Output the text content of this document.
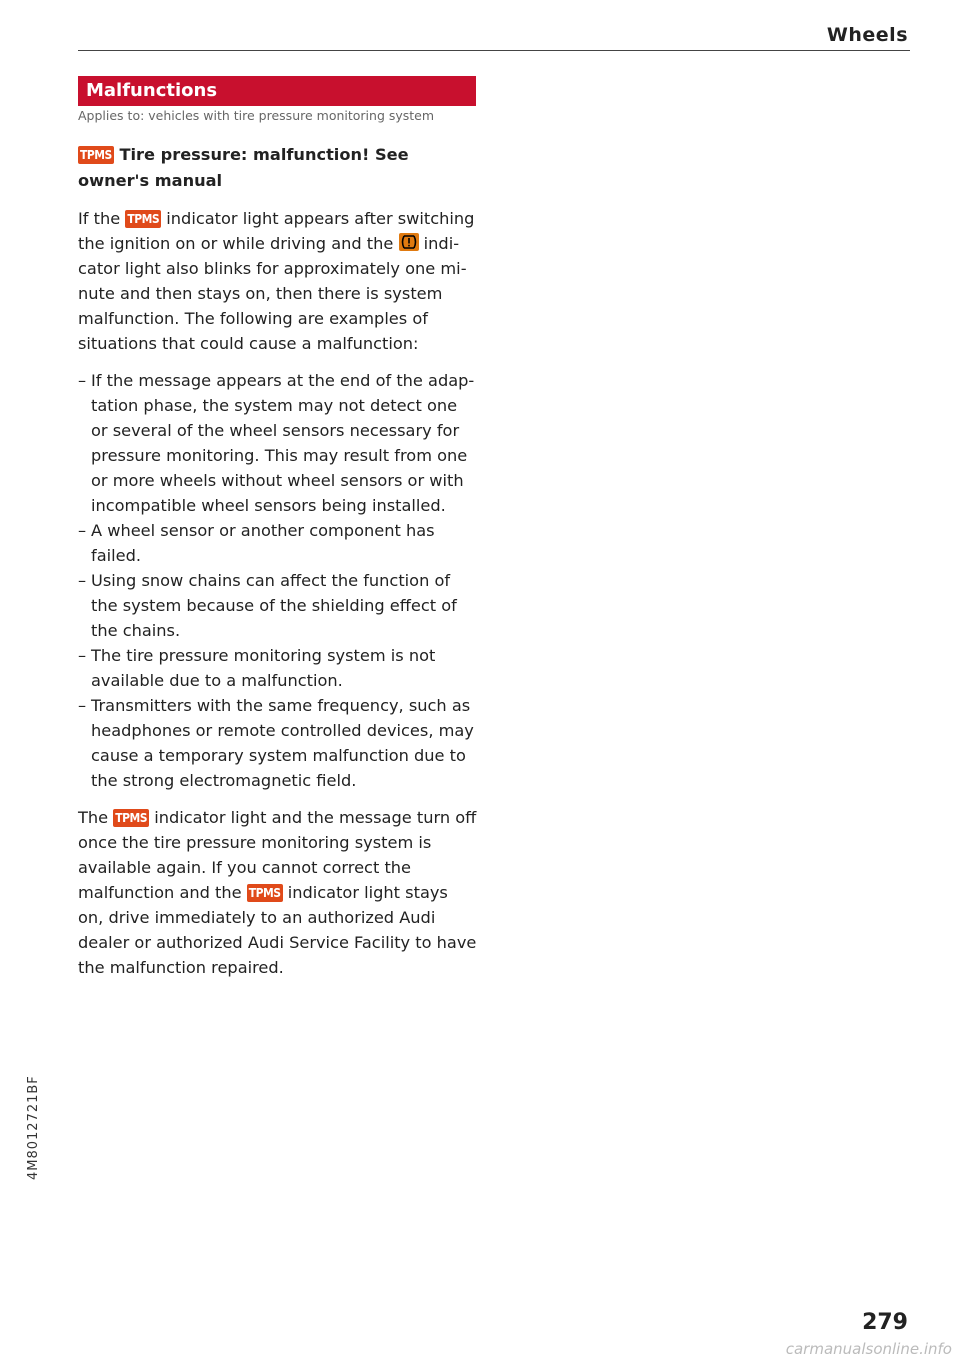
Wheels
Malfunctions
Applies to: vehicles with tire pressure monitoring system
TPMS Tire pressure: malfunction! See owner's manual

If the TPMS indicator light appears after switching the ignition on or while driving and the indicator light also blinks for approximately one minute and then stays on, then there is system malfunction. The following are examples of situations that could cause a malfunction:

– If the message appears at the end of the adaptation phase, the system may not detect one or several of the wheel sensors necessary for pressure monitoring. This may result from one or more wheels without wheel sensors or with incompatible wheel sensors being installed.
– A wheel sensor or another component has failed.
– Using snow chains can affect the function of the system because of the shielding effect of the chains.
– The tire pressure monitoring system is not available due to a malfunction.
– Transmitters with the same frequency, such as headphones or remote controlled devices, may cause a temporary system malfunction due to the strong electromagnetic field.

The TPMS indicator light and the message turn off once the tire pressure monitoring system is available again. If you cannot correct the malfunction and the TPMS indicator light stays on, drive immediately to an authorized Audi dealer or authorized Audi Service Facility to have the malfunction repaired.

4M8012721BF
279
carmanualsonline.info
